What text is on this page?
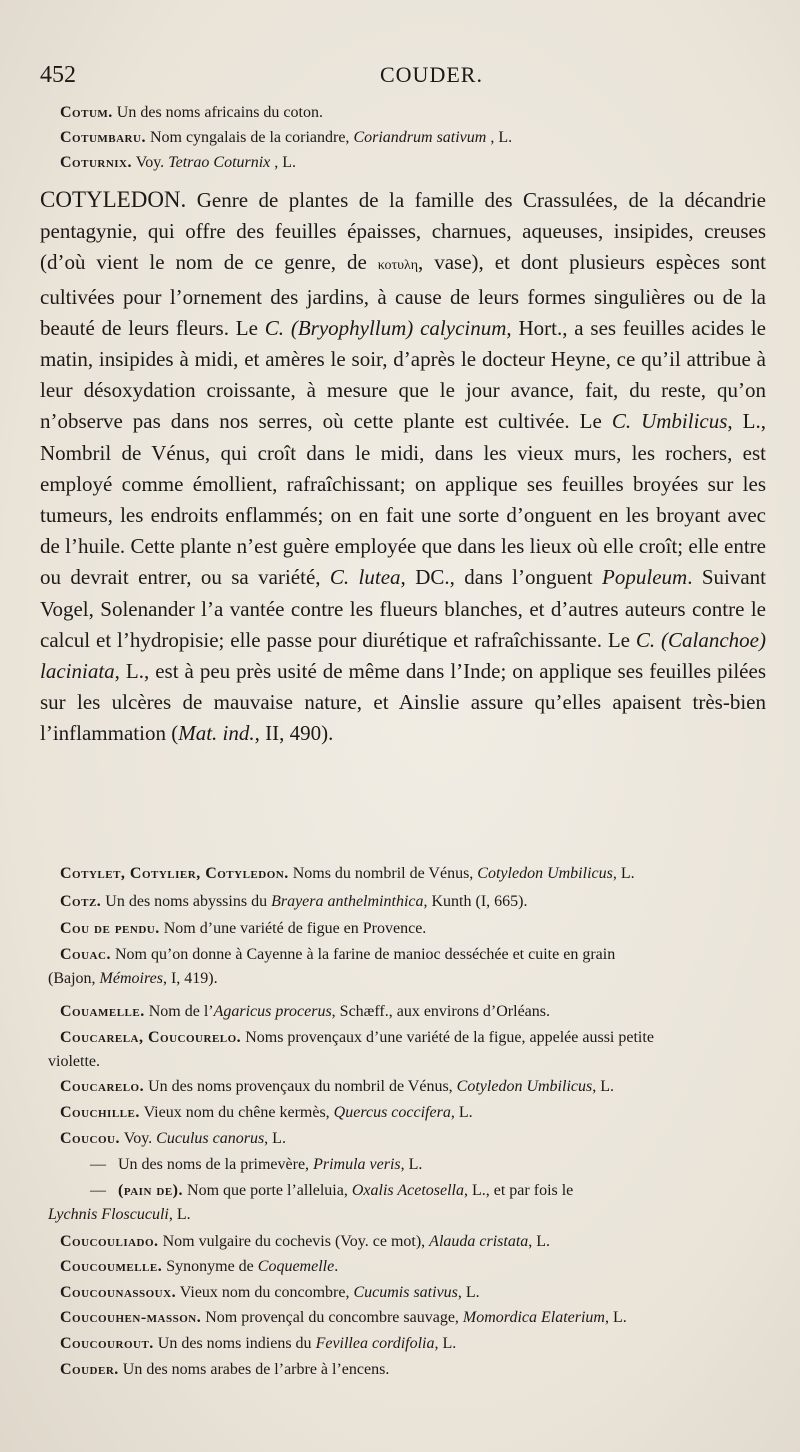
452	COUDER.
Cotum. Un des noms africains du coton.
Cotumbaru. Nom cyngalais de la coriandre, Coriandrum sativum , L.
Coturnix. Voy. Tetrao Coturnix , L.
COTYLEDON. Genre de plantes de la famille des Crassulées, de la décandrie pentagynie, qui offre des feuilles épaisses, charnues, aqueuses, insipides, creuses (d’où vient le nom de ce genre, de κοτυλη, vase), et dont plusieurs espèces sont cultivées pour l’ornement des jardins, à cause de leurs formes singulières ou de la beauté de leurs fleurs. Le C. (Bryophyllum) calycinum, Hort., a ses feuilles acides le matin, insipides à midi, et amères le soir, d’après le docteur Heyne, ce qu’il attribue à leur désoxydation croissante, à mesure que le jour avance, fait, du reste, qu’on n’observe pas dans nos serres, où cette plante est cultivée. Le C. Umbilicus, L., Nombril de Vénus, qui croît dans le midi, dans les vieux murs, les rochers, est employé comme émollient, rafraîchissant; on applique ses feuilles broyées sur les tumeurs, les endroits enflammés; on en fait une sorte d’onguent en les broyant avec de l’huile. Cette plante n’est guère employée que dans les lieux où elle croît; elle entre ou devrait entrer, ou sa variété, C. lutea, DC., dans l’onguent Populeum. Suivant Vogel, Solenander l’a vantée contre les flueurs blanches, et d’autres auteurs contre le calcul et l’hydropisie; elle passe pour diurétique et rafraîchissante. Le C. (Calanchoe) laciniata, L., est à peu près usité de même dans l’Inde; on applique ses feuilles pilées sur les ulcères de mauvaise nature, et Ainslie assure qu’elles apaisent très-bien l’inflammation (Mat. ind., II, 490).
Cotylet, Cotylier, Cotyledon. Noms du nombril de Vénus, Cotyledon Umbilicus, L.
Cotz. Un des noms abyssins du Brayera anthelminthica, Kunth (I, 665).
Cou de pendu. Nom d’une variété de figue en Provence.
Couac. Nom qu’on donne à Cayenne à la farine de manioc desséchée et cuite en grain
(Bajon, Mémoires, I, 419).
Couamelle. Nom de l’Agaricus procerus, Schæff., aux environs d’Orléans.
Coucarela, Coucourelo. Noms provençaux d’une variété de la figue, appelée aussi petite
violette.
Coucarelo. Un des noms provençaux du nombril de Vénus, Cotyledon Umbilicus, L.
Couchille. Vieux nom du chêne kermès, Quercus coccifera, L.
Coucou. Voy. Cuculus canorus, L.
— Un des noms de la primevère, Primula veris, L.
— (pain de). Nom que porte l’alleluia, Oxalis Acetosella, L., et par fois le
Lychnis Floscuculi, L.
Coucouliado. Nom vulgaire du cochevis (Voy. ce mot), Alauda cristata, L.
Coucoumelle. Synonyme de Coquemelle.
Coucounassoux. Vieux nom du concombre, Cucumis sativus, L.
Coucouhen-masson. Nom provençal du concombre sauvage, Momordica Elaterium, L.
Coucourout. Un des noms indiens du Fevillea cordifolia, L.
Couder. Un des noms arabes de l’arbre à l’encens.
